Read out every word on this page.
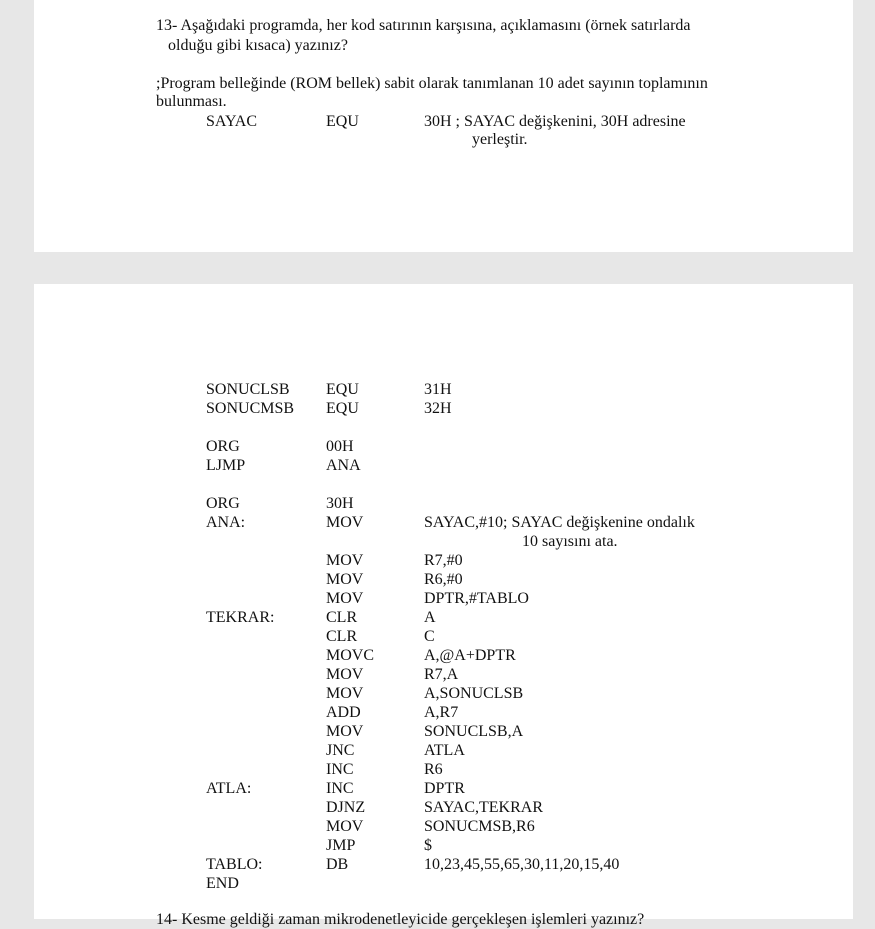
13- Aşağıdaki programda, her kod satırının karşısına, açıklamasını (örnek satırlarda
olduğu gibi kısaca) yazınız?
;Program belleğinde (ROM bellek) sabit olarak tanımlanan 10 adet sayının toplamının
bulunması.
SAYAC	EQU	30H ; SAYAC değişkenini, 30H adresine
yerleştir.
SONUCLSB EQU	31H
SONUCMSB EQU	32H
ORG	00H
LJMP	ANA
ORG	30H
ANA:	MOV	SAYAC,#10; SAYAC değişkenine ondalık
10 sayısını ata.
MOV	R7,#0
MOV	R6,#0
MOV	DPTR,#TABLO
TEKRAR:	CLR	A
CLR	C
MOVC	A,@A+DPTR
MOV	R7,A
MOV	A,SONUCLSB
ADD	A,R7
MOV	SONUCLSB,A
JNC	ATLA
INC	R6
ATLA:	INC	DPTR
DJNZ	SAYAC,TEKRAR
MOV	SONUCMSB,R6
JMP	$
TABLO:	DB	10,23,45,55,65,30,11,20,15,40
END
14- Kesme geldiği zaman mikrodenetleyicide gerçekleşen işlemleri yazınız?
